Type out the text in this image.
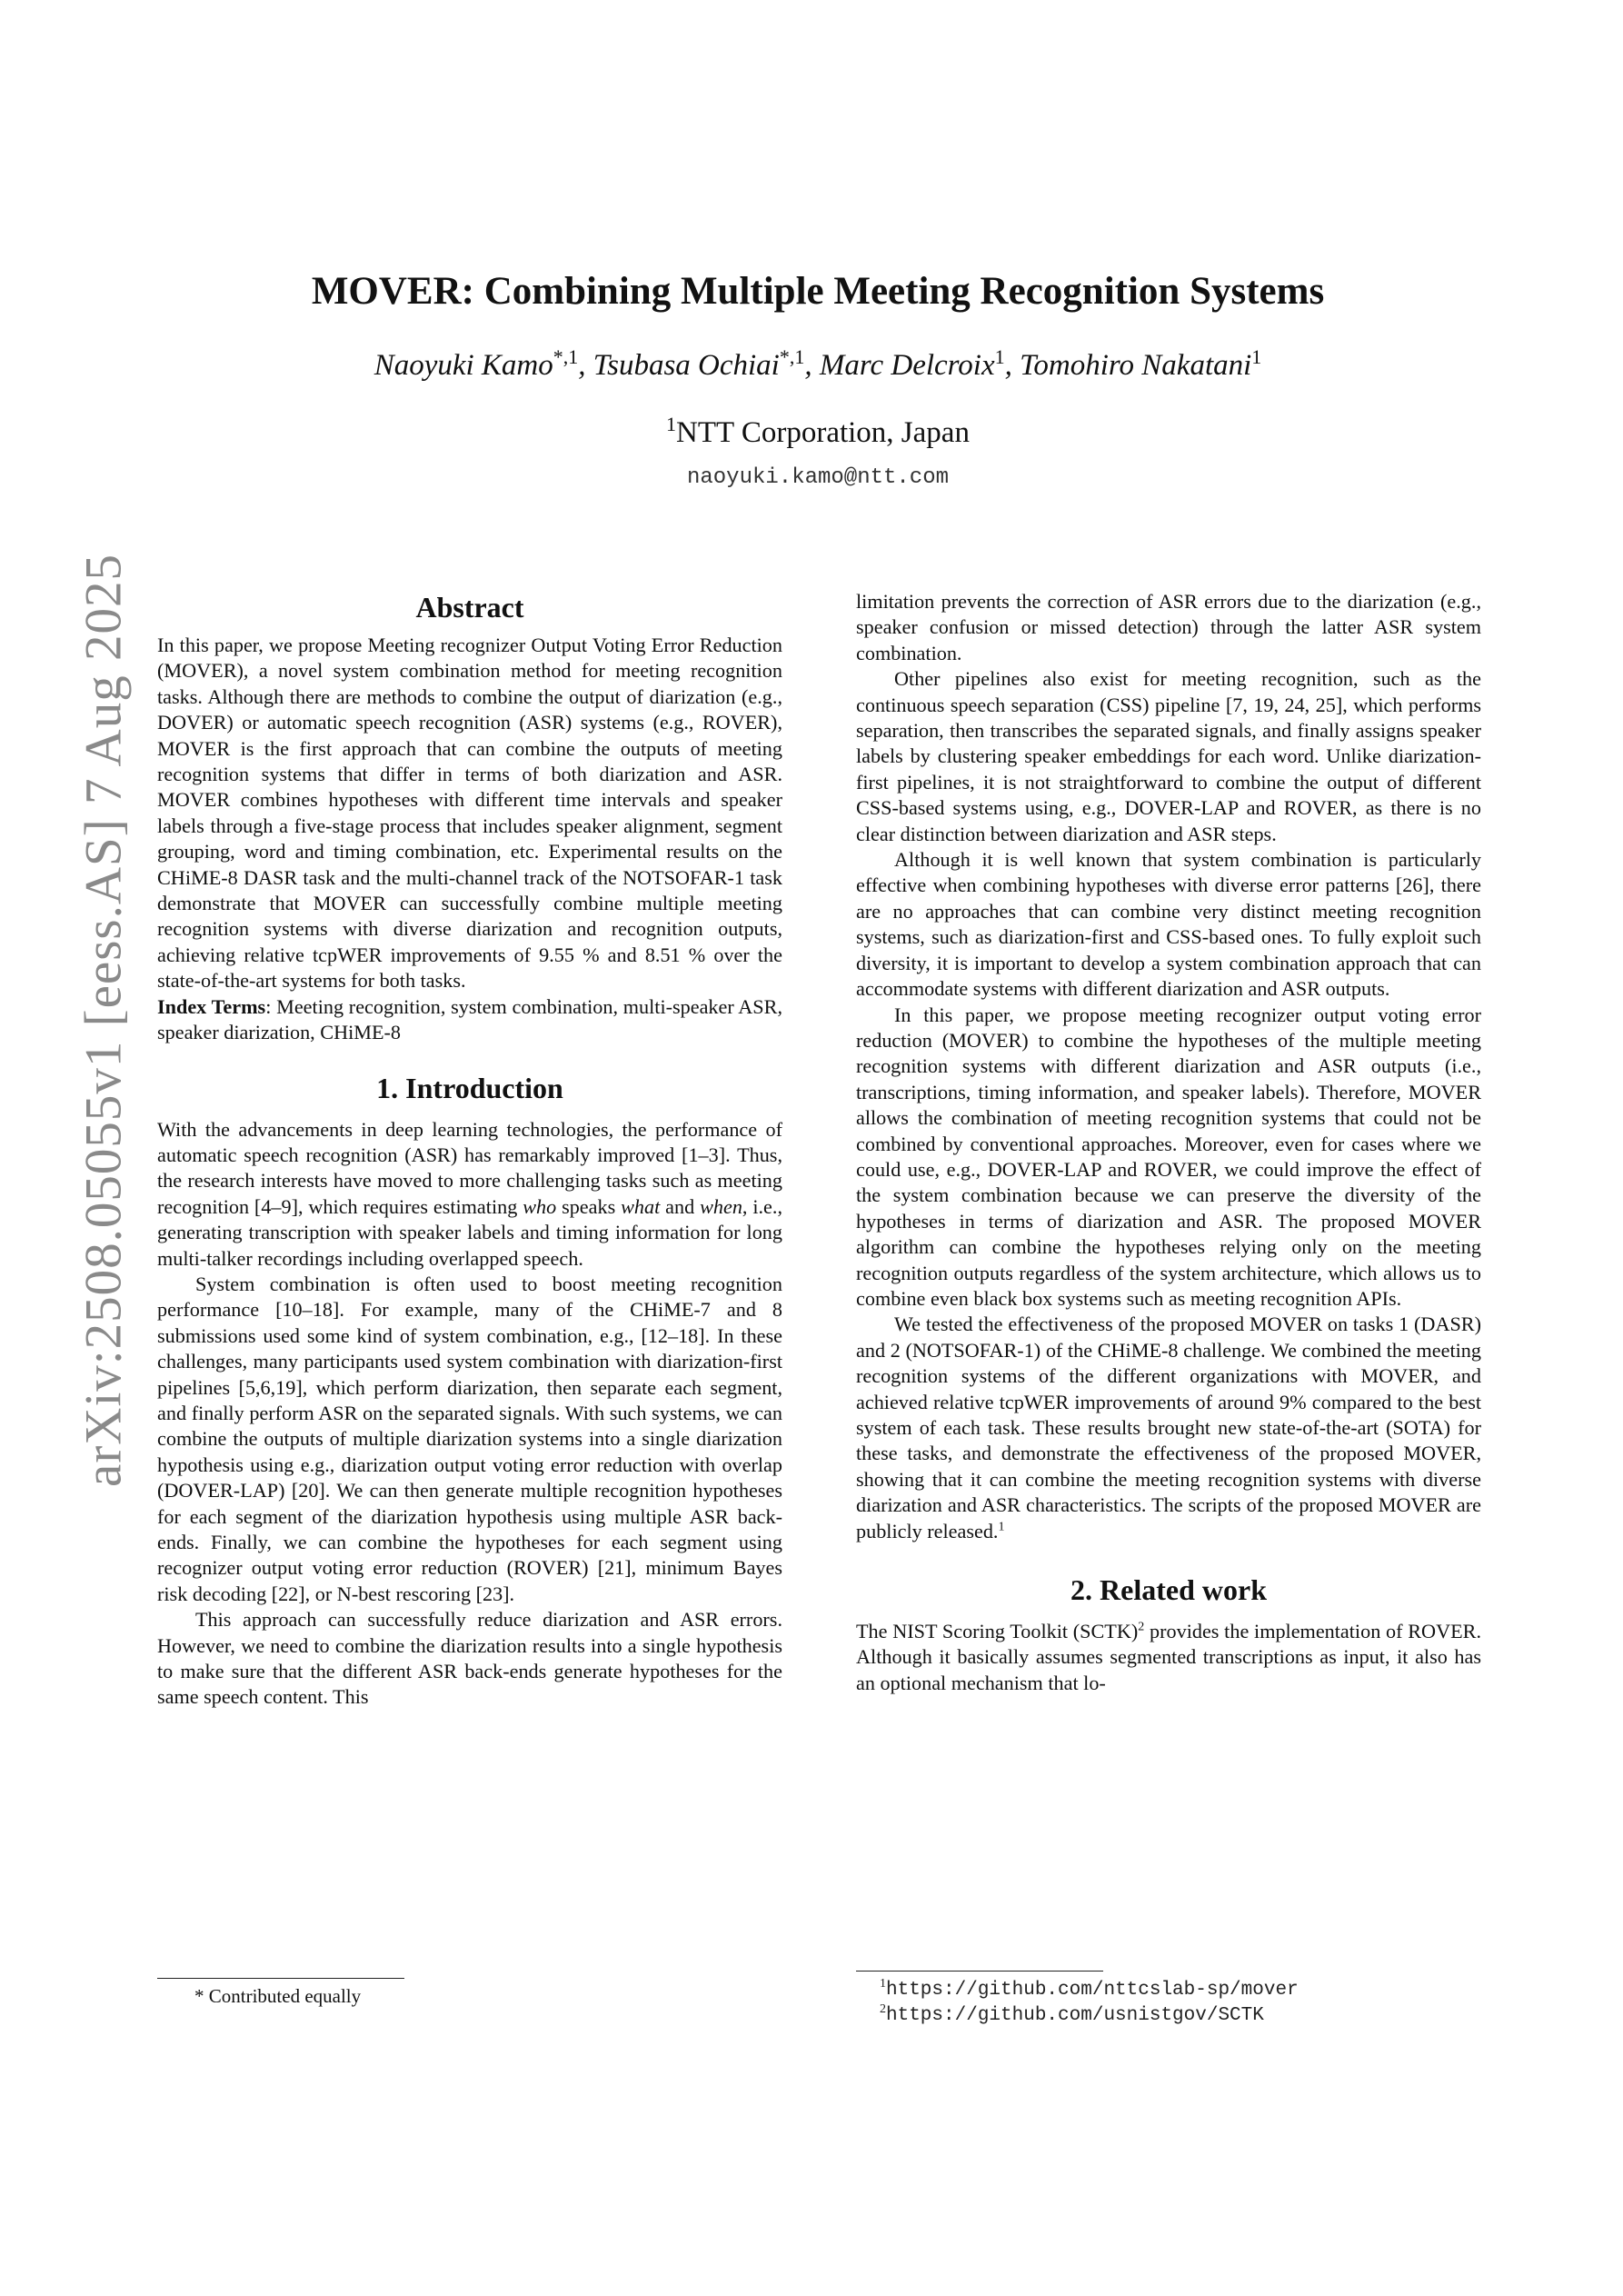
arXiv:2508.05055v1 [eess.AS] 7 Aug 2025
MOVER: Combining Multiple Meeting Recognition Systems
Naoyuki Kamo$^{*,1}$, Tsubasa Ochiai$^{*,1}$, Marc Delcroix$^1$, Tomohiro Nakatani$^1$
$^1$NTT Corporation, Japan
naoyuki.kamo@ntt.com
Abstract

In this paper, we propose Meeting recognizer Output Voting Error Reduction (MOVER), a novel system combination method for meeting recognition tasks. Although there are methods to combine the output of diarization (e.g., DOVER) or automatic speech recognition (ASR) systems (e.g., ROVER), MOVER is the first approach that can combine the outputs of meeting recognition systems that differ in terms of both diarization and ASR. MOVER combines hypotheses with different time intervals and speaker labels through a five-stage process that includes speaker alignment, segment grouping, word and timing combination, etc. Experimental results on the CHiME-8 DASR task and the multi-channel track of the NOTSOFAR-1 task demonstrate that MOVER can successfully combine multiple meeting recognition systems with diverse diarization and recognition outputs, achieving relative tcpWER improvements of 9.55 % and 8.51 % over the state-of-the-art systems for both tasks.

Index Terms: Meeting recognition, system combination, multi-speaker ASR, speaker diarization, CHiME-8

1. Introduction

With the advancements in deep learning technologies, the performance of automatic speech recognition (ASR) has remarkably improved [1–3]. Thus, the research interests have moved to more challenging tasks such as meeting recognition [4–9], which requires estimating who speaks what and when, i.e., generating transcription with speaker labels and timing information for long multi-talker recordings including overlapped speech.

System combination is often used to boost meeting recognition performance [10–18]. For example, many of the CHiME-7 and 8 submissions used some kind of system combination, e.g., [12–18]. In these challenges, many participants used system combination with diarization-first pipelines [5,6,19], which perform diarization, then separate each segment, and finally perform ASR on the separated signals. With such systems, we can combine the outputs of multiple diarization systems into a single diarization hypothesis using e.g., diarization output voting error reduction with overlap (DOVER-LAP) [20]. We can then generate multiple recognition hypotheses for each segment of the diarization hypothesis using multiple ASR back-ends. Finally, we can combine the hypotheses for each segment using recognizer output voting error reduction (ROVER) [21], minimum Bayes risk decoding [22], or N-best rescoring [23].

This approach can successfully reduce diarization and ASR errors. However, we need to combine the diarization results into a single hypothesis to make sure that the different ASR back-ends generate hypotheses for the same speech content. This

limitation prevents the correction of ASR errors due to the diarization (e.g., speaker confusion or missed detection) through the latter ASR system combination.

Other pipelines also exist for meeting recognition, such as the continuous speech separation (CSS) pipeline [7, 19, 24, 25], which performs separation, then transcribes the separated signals, and finally assigns speaker labels by clustering speaker embeddings for each word. Unlike diarization-first pipelines, it is not straightforward to combine the output of different CSS-based systems using, e.g., DOVER-LAP and ROVER, as there is no clear distinction between diarization and ASR steps.

Although it is well known that system combination is particularly effective when combining hypotheses with diverse error patterns [26], there are no approaches that can combine very distinct meeting recognition systems, such as diarization-first and CSS-based ones. To fully exploit such diversity, it is important to develop a system combination approach that can accommodate systems with different diarization and ASR outputs.

In this paper, we propose meeting recognizer output voting error reduction (MOVER) to combine the hypotheses of the multiple meeting recognition systems with different diarization and ASR outputs (i.e., transcriptions, timing information, and speaker labels). Therefore, MOVER allows the combination of meeting recognition systems that could not be combined by conventional approaches. Moreover, even for cases where we could use, e.g., DOVER-LAP and ROVER, we could improve the effect of the system combination because we can preserve the diversity of the hypotheses in terms of diarization and ASR. The proposed MOVER algorithm can combine the hypotheses relying only on the meeting recognition outputs regardless of the system architecture, which allows us to combine even black box systems such as meeting recognition APIs.

We tested the effectiveness of the proposed MOVER on tasks 1 (DASR) and 2 (NOTSOFAR-1) of the CHiME-8 challenge. We combined the meeting recognition systems of the different organizations with MOVER, and achieved relative tcpWER improvements of around 9% compared to the best system of each task. These results brought new state-of-the-art (SOTA) for these tasks, and demonstrate the effectiveness of the proposed MOVER, showing that it can combine the meeting recognition systems with diverse diarization and ASR characteristics. The scripts of the proposed MOVER are publicly released.$^1$

2. Related work

The NIST Scoring Toolkit (SCTK)$^2$ provides the implementation of ROVER. Although it basically assumes segmented transcriptions as input, it also has an optional mechanism that lo-

* Contributed equally
$^1$https://github.com/nttcslab-sp/mover
$^2$https://github.com/usnistgov/SCTK
